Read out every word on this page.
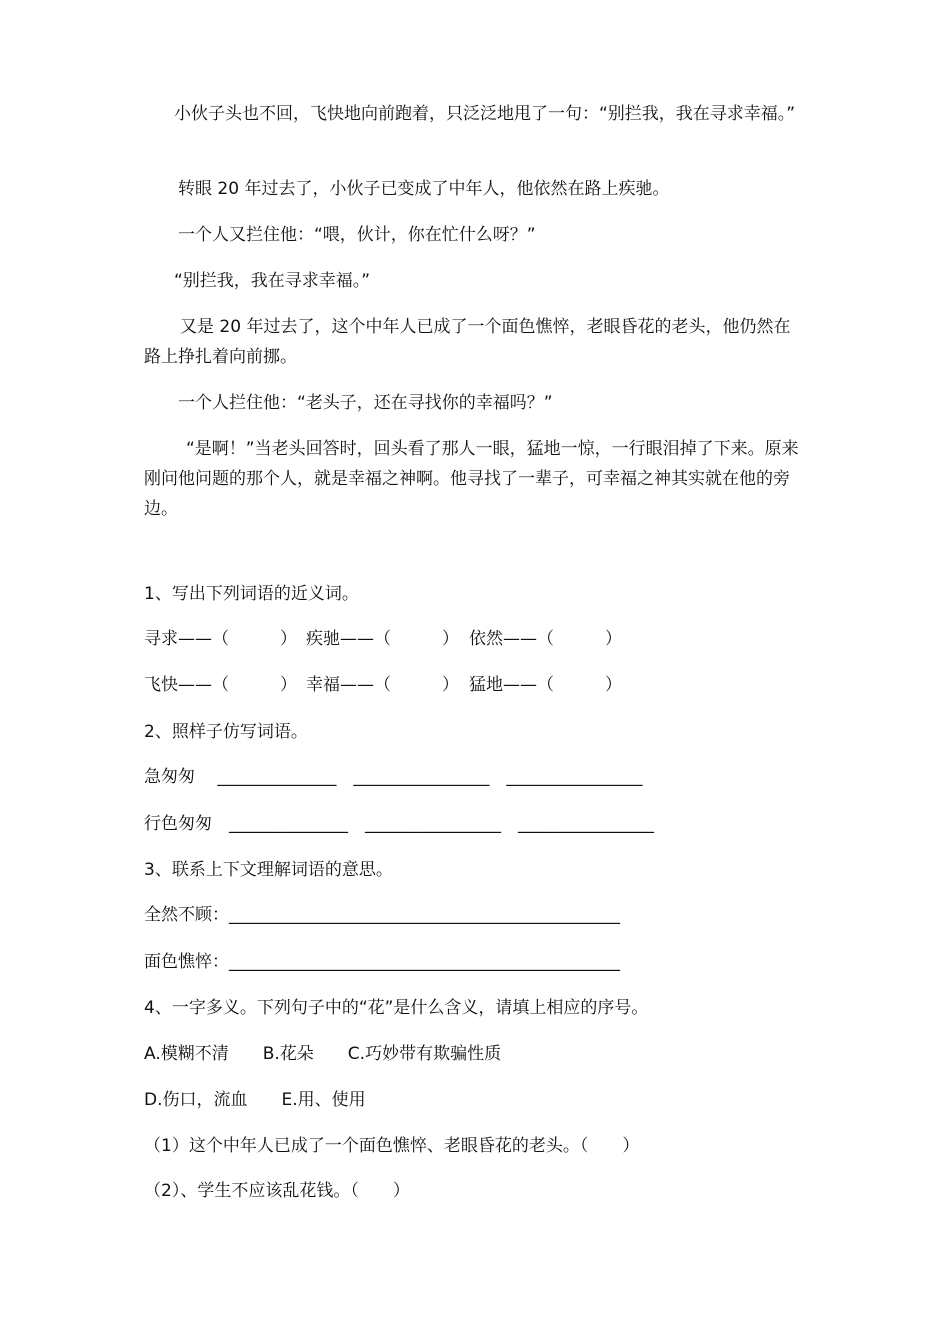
小伙子头也不回，飞快地向前跑着，只泛泛地甩了一句：“别拦我，我在寻求幸福。”
转眼 20 年过去了，小伙子已变成了中年人，他依然在路上疾驰。
一个人又拦住他：“喂，伙计，你在忙什么呀？”
“别拦我，我在寻求幸福。”
又是 20 年过去了，这个中年人已成了一个面色憔悴，老眼昏花的老头，他仍然在路上挣扎着向前挪。
一个人拦住他：“老头子，还在寻找你的幸福吗？”
“是啊！”当老头回答时，回头看了那人一眼，猛地一惊，一行眼泪掉了下来。原来刚问他问题的那个人，就是幸福之神啊。他寻找了一辈子，可幸福之神其实就在他的旁边。
1、写出下列词语的近义词。
寻求——（　　　） 疾驰——（　　　） 依然——（　　　）
飞快——（　　　） 幸福——（　　　） 猛地——（　　　）
2、照样子仿写词语。
急匆匆　 ______________　________________　________________
行色匆匆　______________　________________　________________
3、联系上下文理解词语的意思。
全然不顾：______________________________________________
面色憔悴：______________________________________________
4、一字多义。下列句子中的“花”是什么含义，请填上相应的序号。
A.模糊不清　　B.花朵　　C.巧妙带有欺骗性质
D.伤口，流血　　E.用、使用
（1）这个中年人已成了一个面色憔悴、老眼昏花的老头。（　　）
（2）、学生不应该乱花钱。（　　）
